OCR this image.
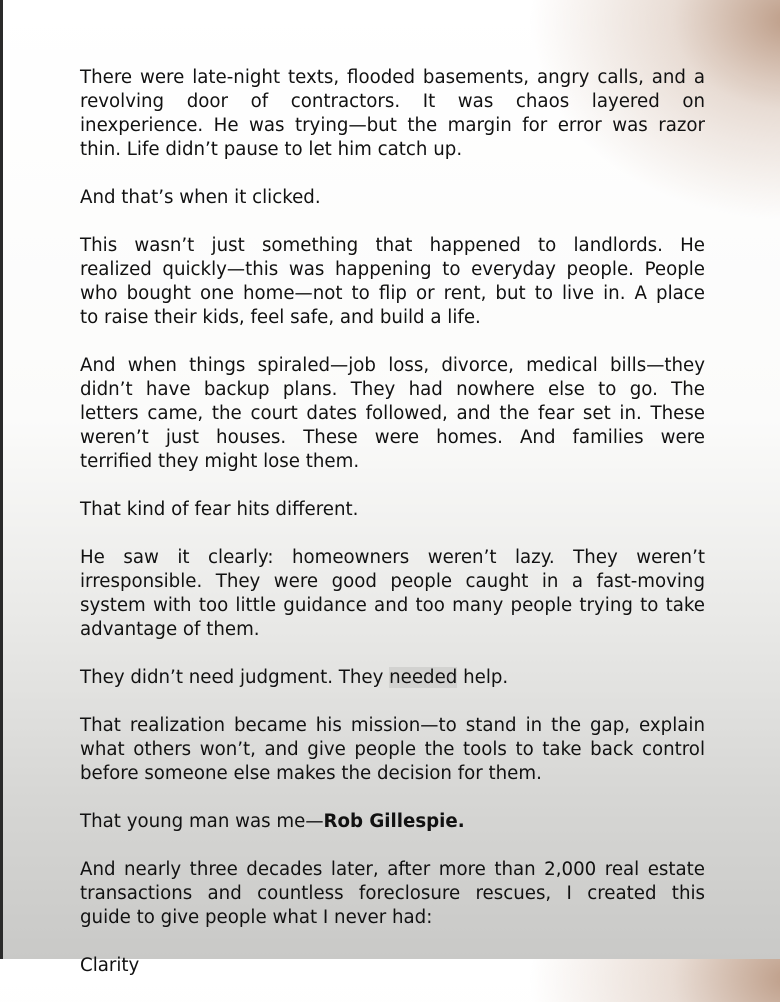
There were late-night texts, flooded basements, angry calls, and a
revolving door of contractors. It was chaos layered on
inexperience. He was trying—but the margin for error was razor
thin. Life didn’t pause to let him catch up.
And that’s when it clicked.
This wasn’t just something that happened to landlords. He
realized quickly—this was happening to everyday people. People
who bought one home—not to flip or rent, but to live in. A place
to raise their kids, feel safe, and build a life.
And when things spiraled—job loss, divorce, medical bills—they
didn’t have backup plans. They had nowhere else to go. The
letters came, the court dates followed, and the fear set in. These
weren’t just houses. These were homes. And families were
terrified they might lose them.
That kind of fear hits different.
He saw it clearly: homeowners weren’t lazy. They weren’t
irresponsible. They were good people caught in a fast-moving
system with too little guidance and too many people trying to take
advantage of them.
They didn’t need judgment. They needed help.
That realization became his mission—to stand in the gap, explain
what others won’t, and give people the tools to take back control
before someone else makes the decision for them.
That young man was me—Rob Gillespie.
And nearly three decades later, after more than 2,000 real estate
transactions and countless foreclosure rescues, I created this
guide to give people what I never had:
Clarity
